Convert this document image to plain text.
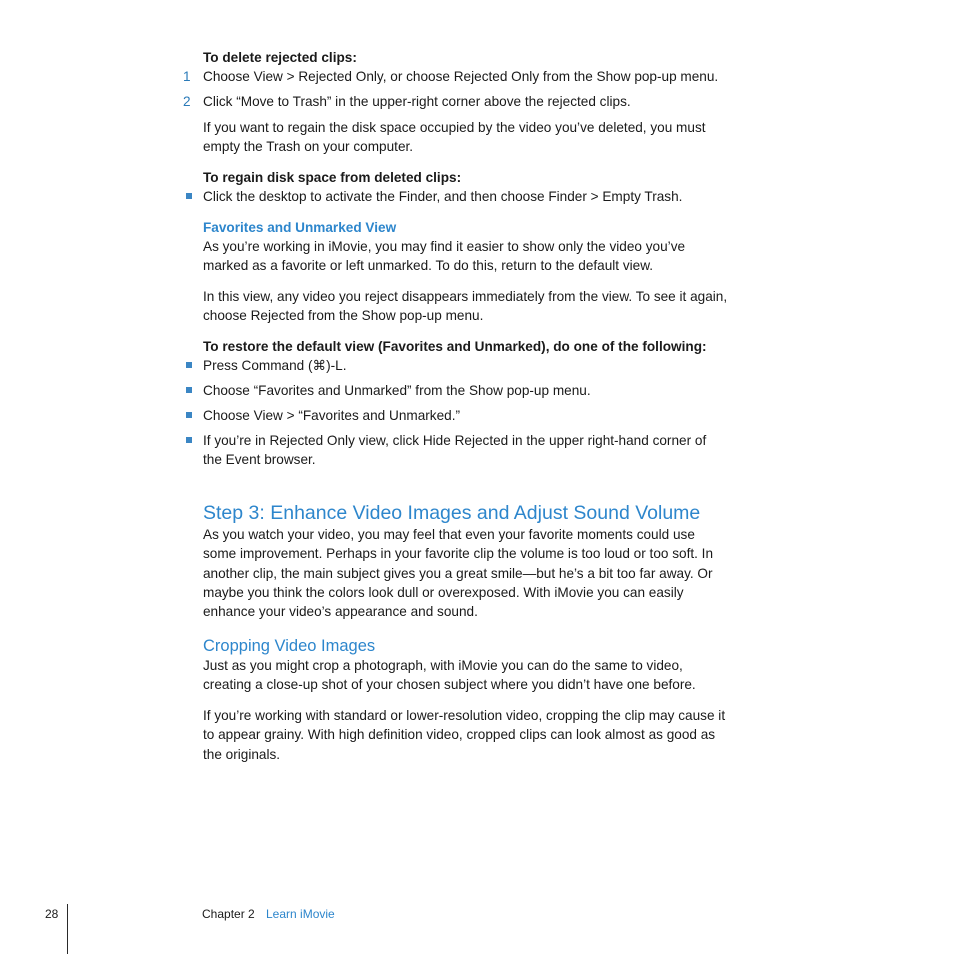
To delete rejected clips:
1 Choose View > Rejected Only, or choose Rejected Only from the Show pop-up menu.
2 Click “Move to Trash” in the upper-right corner above the rejected clips.
If you want to regain the disk space occupied by the video you’ve deleted, you must empty the Trash on your computer.
To regain disk space from deleted clips:
Click the desktop to activate the Finder, and then choose Finder > Empty Trash.
Favorites and Unmarked View
As you’re working in iMovie, you may find it easier to show only the video you’ve marked as a favorite or left unmarked. To do this, return to the default view.
In this view, any video you reject disappears immediately from the view. To see it again, choose Rejected from the Show pop-up menu.
To restore the default view (Favorites and Unmarked), do one of the following:
Press Command (⌘)-L.
Choose “Favorites and Unmarked” from the Show pop-up menu.
Choose View > “Favorites and Unmarked.”
If you’re in Rejected Only view, click Hide Rejected in the upper right-hand corner of the Event browser.
Step 3: Enhance Video Images and Adjust Sound Volume
As you watch your video, you may feel that even your favorite moments could use some improvement. Perhaps in your favorite clip the volume is too loud or too soft. In another clip, the main subject gives you a great smile—but he’s a bit too far away. Or maybe you think the colors look dull or overexposed. With iMovie you can easily enhance your video’s appearance and sound.
Cropping Video Images
Just as you might crop a photograph, with iMovie you can do the same to video, creating a close-up shot of your chosen subject where you didn’t have one before.
If you’re working with standard or lower-resolution video, cropping the clip may cause it to appear grainy. With high definition video, cropped clips can look almost as good as the originals.
28	Chapter 2 Learn iMovie
